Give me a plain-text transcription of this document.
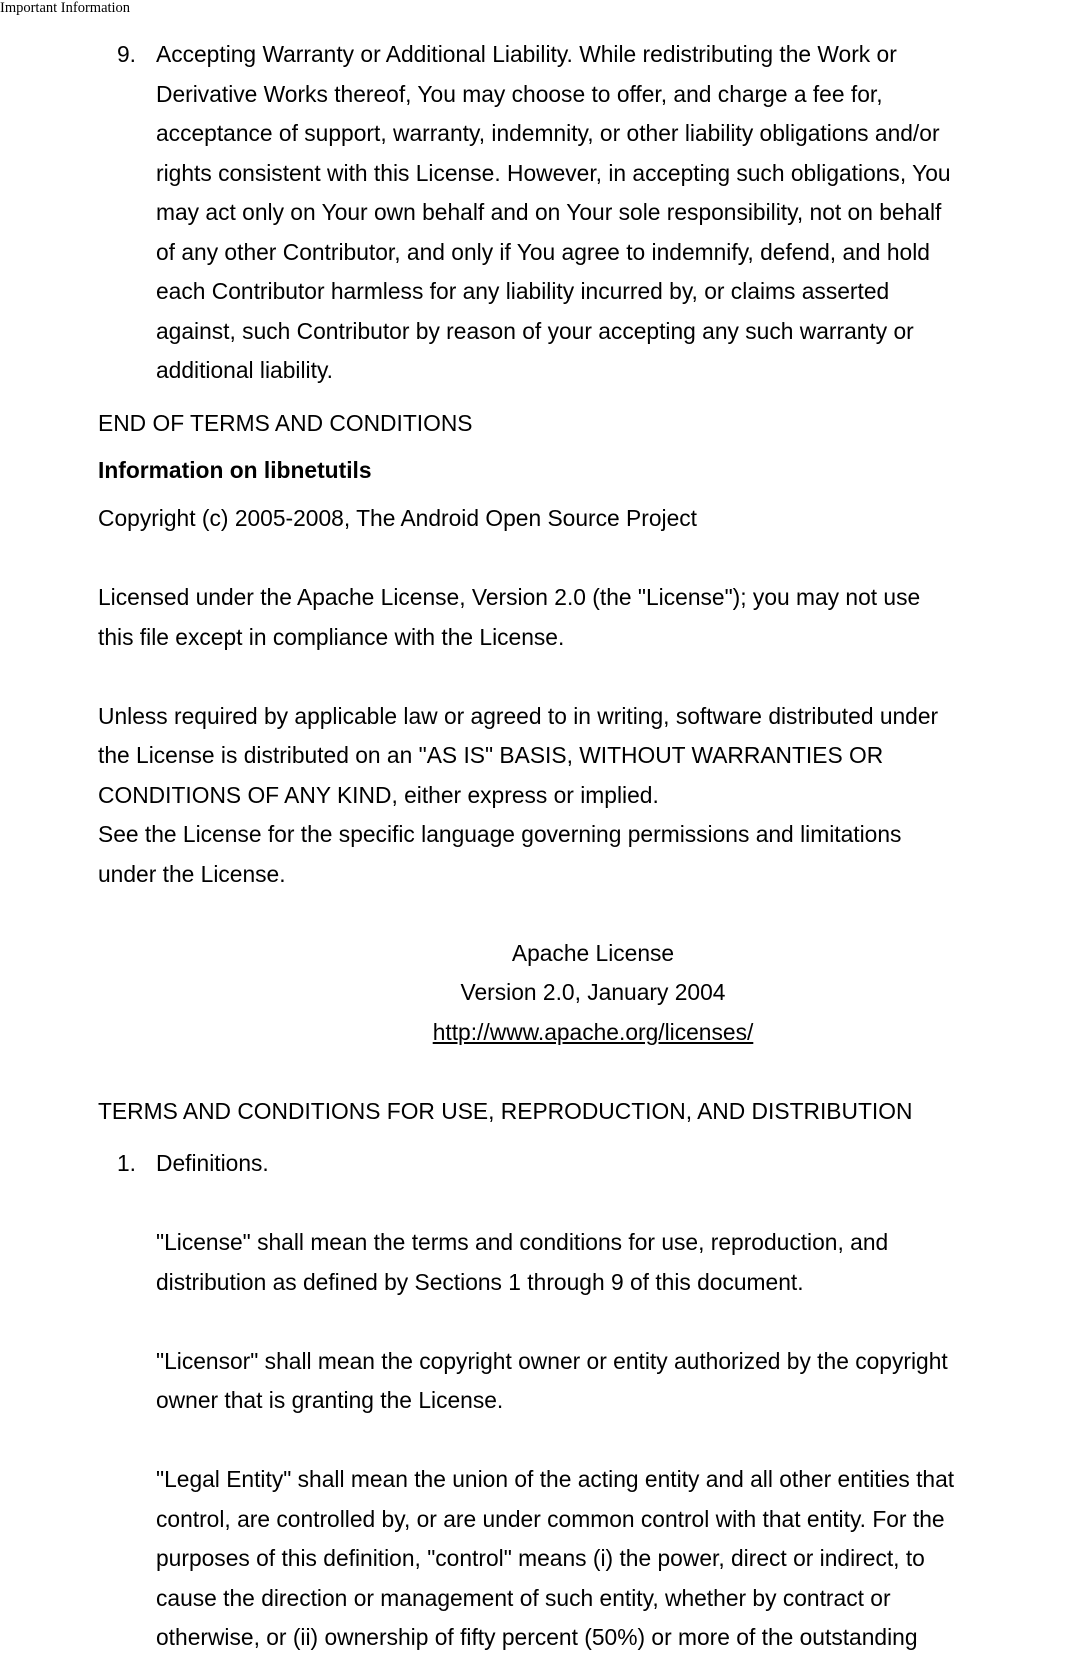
Important Information
9. Accepting Warranty or Additional Liability. While redistributing the Work or
Derivative Works thereof, You may choose to offer, and charge a fee for,
acceptance of support, warranty, indemnity, or other liability obligations and/or
rights consistent with this License. However, in accepting such obligations, You
may act only on Your own behalf and on Your sole responsibility, not on behalf
of any other Contributor, and only if You agree to indemnify, defend, and hold
each Contributor harmless for any liability incurred by, or claims asserted
against, such Contributor by reason of your accepting any such warranty or
additional liability.
END OF TERMS AND CONDITIONS
Information on libnetutils
Copyright (c) 2005-2008, The Android Open Source Project
Licensed under the Apache License, Version 2.0 (the "License"); you may not use
this file except in compliance with the License.
Unless required by applicable law or agreed to in writing, software distributed under
the License is distributed on an "AS IS" BASIS, WITHOUT WARRANTIES OR
CONDITIONS OF ANY KIND, either express or implied.
See the License for the specific language governing permissions and limitations
under the License.
Apache License
Version 2.0, January 2004
http://www.apache.org/licenses/
TERMS AND CONDITIONS FOR USE, REPRODUCTION, AND DISTRIBUTION
1. Definitions.
"License" shall mean the terms and conditions for use, reproduction, and
distribution as defined by Sections 1 through 9 of this document.
"Licensor" shall mean the copyright owner or entity authorized by the copyright
owner that is granting the License.
"Legal Entity" shall mean the union of the acting entity and all other entities that
control, are controlled by, or are under common control with that entity. For the
purposes of this definition, "control" means (i) the power, direct or indirect, to
cause the direction or management of such entity, whether by contract or
otherwise, or (ii) ownership of fifty percent (50%) or more of the outstanding
